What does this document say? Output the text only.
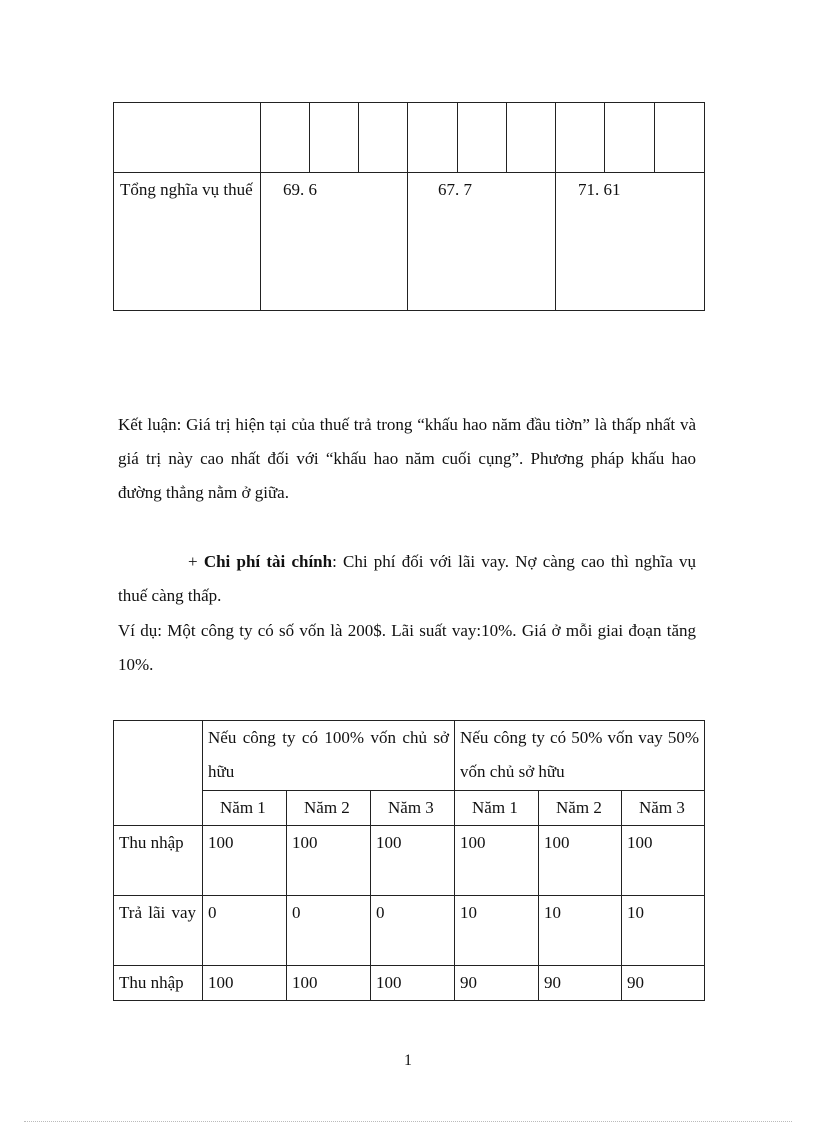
Tổng nghĩa vụ thuế	69. 6			67. 7			71. 61		

Kết luận: Giá trị hiện tại của thuế trả trong “khấu hao năm đầu tiờn” là thấp nhất và giá trị này cao nhất đối với “khấu hao năm cuối cụng”. Phương pháp khấu hao đường thẳng nằm ở giữa.

+ Chi phí tài chính: Chi phí đối với lãi vay. Nợ càng cao thì nghĩa vụ thuế càng thấp.

Ví dụ: Một công ty có số vốn là 200$. Lãi suất vay:10%. Giá ở mỗi giai đoạn tăng 10%.

	Nếu công ty có 100% vốn chủ sở hữu			Nếu công ty có 50% vốn vay 50% vốn chủ sở hữu		
	Năm 1	Năm 2	Năm 3	Năm 1	Năm 2	Năm 3
Thu nhập	100	100	100	100	100	100
Trả lãi vay	0	0	0	10	10	10
Thu nhập	100	100	100	90	90	90
1
